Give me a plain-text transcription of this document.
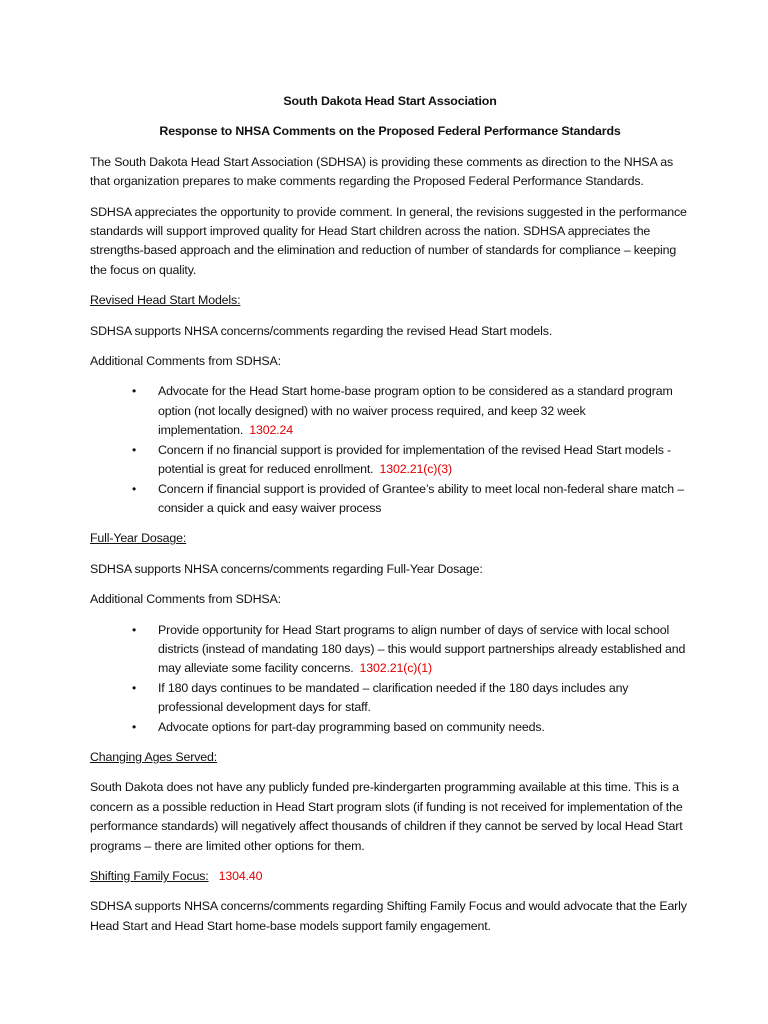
South Dakota Head Start Association
Response to NHSA Comments on the Proposed Federal Performance Standards

The South Dakota Head Start Association (SDHSA) is providing these comments as direction to the NHSA as that organization prepares to make comments regarding the Proposed Federal Performance Standards.

SDHSA appreciates the opportunity to provide comment. In general, the revisions suggested in the performance standards will support improved quality for Head Start children across the nation. SDHSA appreciates the strengths-based approach and the elimination and reduction of number of standards for compliance – keeping the focus on quality.

Revised Head Start Models:

SDHSA supports NHSA concerns/comments regarding the revised Head Start models.

Additional Comments from SDHSA:

• Advocate for the Head Start home-base program option to be considered as a standard program option (not locally designed) with no waiver process required, and keep 32 week implementation. 1302.24
• Concern if no financial support is provided for implementation of the revised Head Start models - potential is great for reduced enrollment. 1302.21(c)(3)
• Concern if financial support is provided of Grantee’s ability to meet local non-federal share match – consider a quick and easy waiver process
Full-Year Dosage:

SDHSA supports NHSA concerns/comments regarding Full-Year Dosage:

Additional Comments from SDHSA:

• Provide opportunity for Head Start programs to align number of days of service with local school districts (instead of mandating 180 days) – this would support partnerships already established and may alleviate some facility concerns. 1302.21(c)(1)
• If 180 days continues to be mandated – clarification needed if the 180 days includes any professional development days for staff.
• Advocate options for part-day programming based on community needs.
Changing Ages Served:

South Dakota does not have any publicly funded pre-kindergarten programming available at this time. This is a concern as a possible reduction in Head Start program slots (if funding is not received for implementation of the performance standards) will negatively affect thousands of children if they cannot be served by local Head Start programs – there are limited other options for them.

Shifting Family Focus: 1304.40

SDHSA supports NHSA concerns/comments regarding Shifting Family Focus and would advocate that the Early Head Start and Head Start home-base models support family engagement.
